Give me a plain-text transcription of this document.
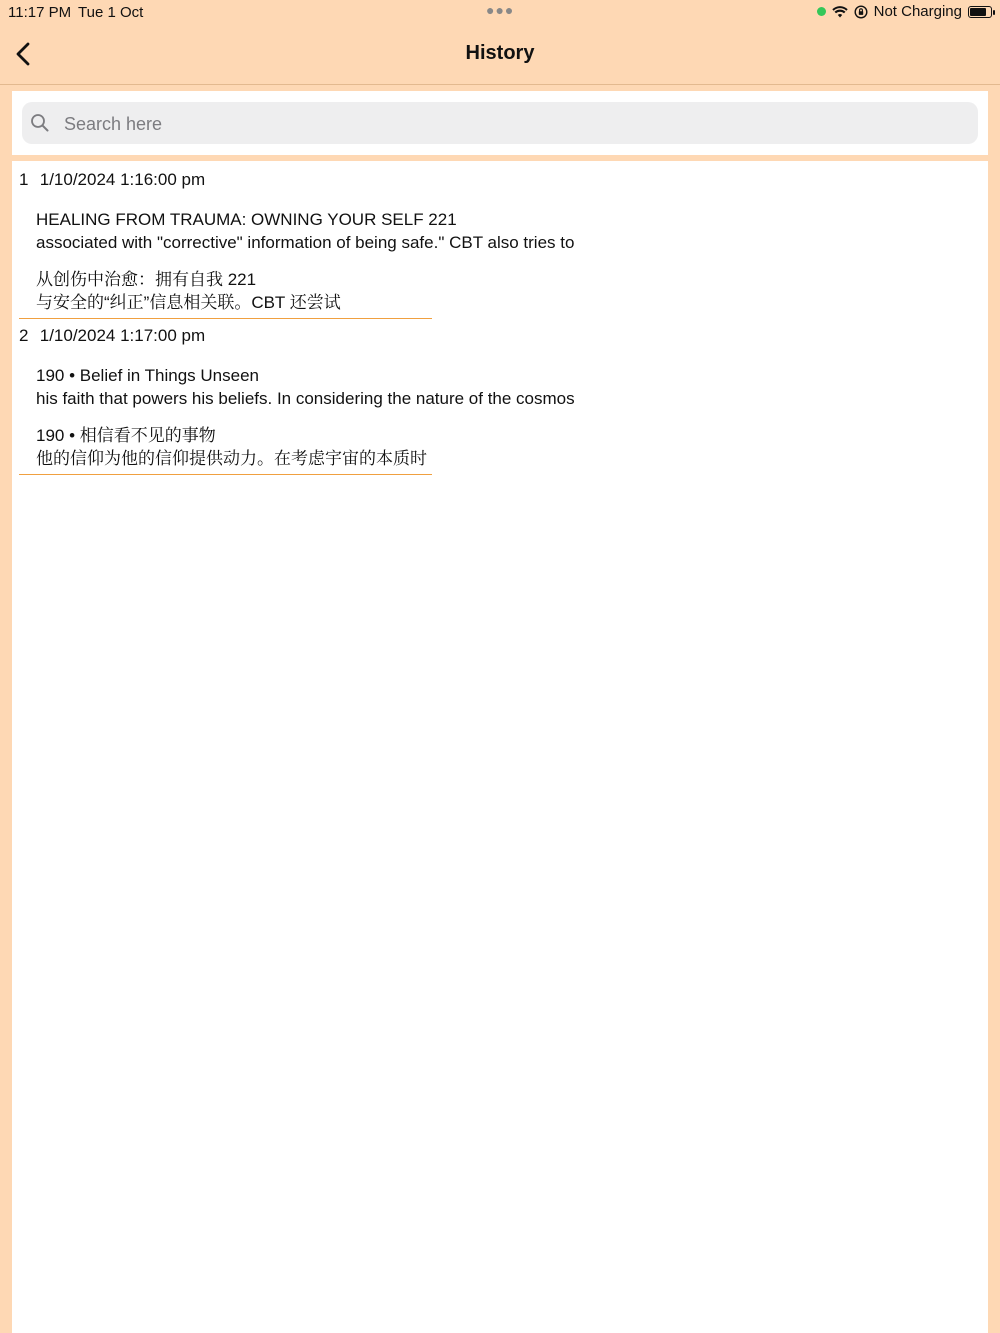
11:17 PM Tue 1 Oct	●●●	Not Charging
History
Search here
1 1/10/2024 1:16:00 pm
HEALING FROM TRAUMA: OWNING YOUR SELF 221
associated with "corrective" information of being safe." CBT also tries to
从创伤中治愈：拥有自我 221
与安全的“纠正”信息相关联。CBT 还尝试
2 1/10/2024 1:17:00 pm
190 • Belief in Things Unseen
his faith that powers his beliefs. In considering the nature of the cosmos
190 • 相信看不见的事物
他的信仰为他的信仰提供动力。在考虑宇宙的本质时
